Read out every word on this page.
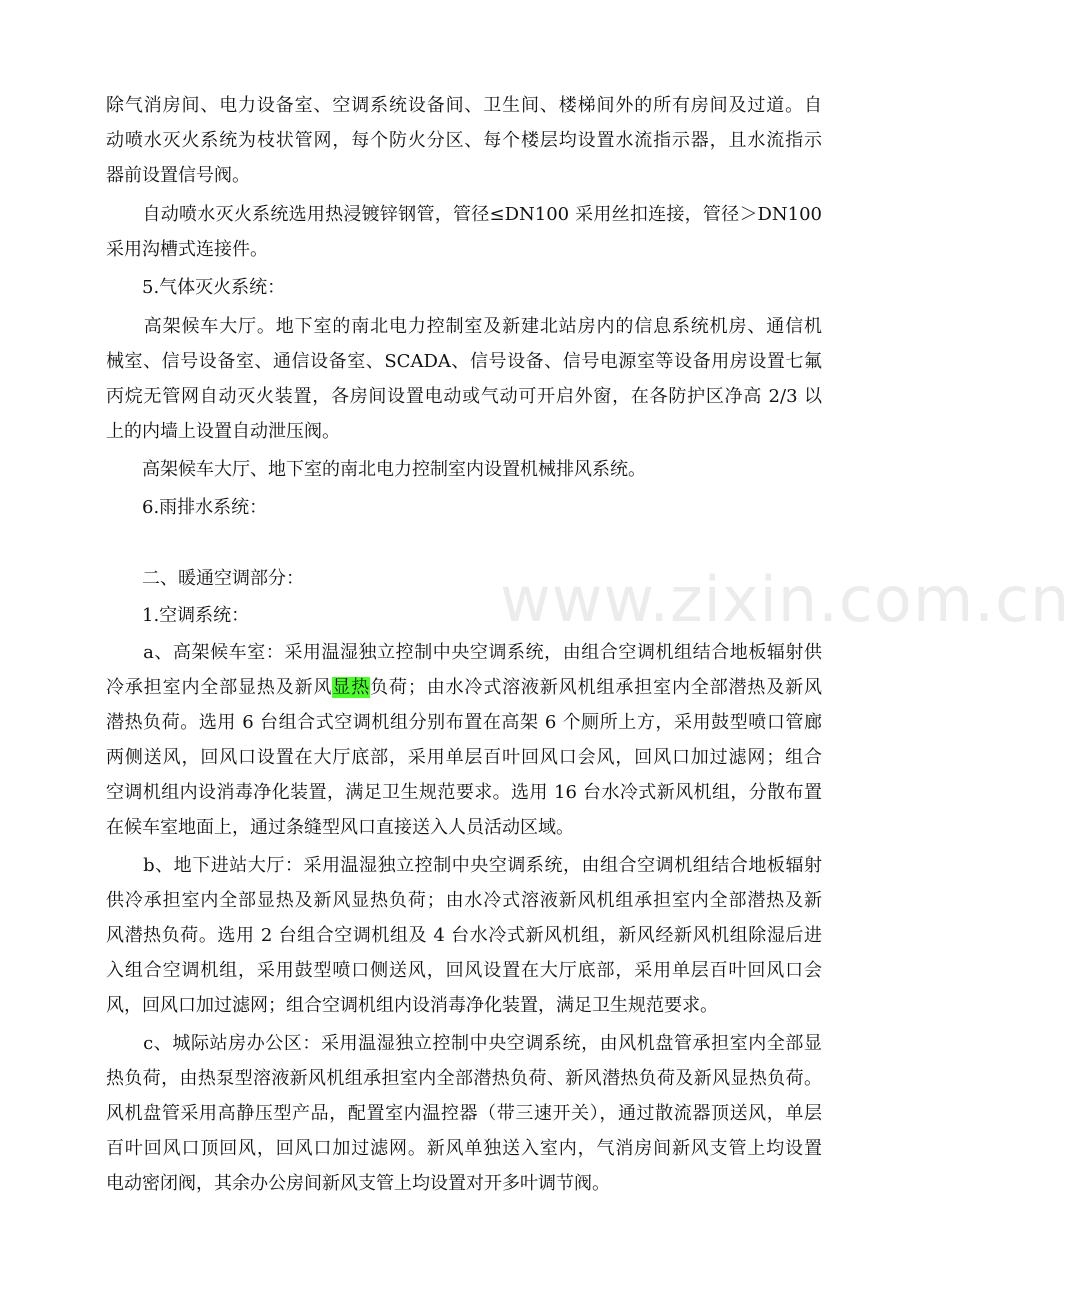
www.zixin.com.cn
除气消房间、电力设备室、空调系统设备间、卫生间、楼梯间外的所有房间及过道。自
动喷水灭火系统为枝状管网，每个防火分区、每个楼层均设置水流指示器，且水流指示
器前设置信号阀。
　　自动喷水灭火系统选用热浸镀锌钢管，管径≤DN100 采用丝扣连接，管径＞DN100
采用沟槽式连接件。
　　5.气体灭火系统：
　　高架候车大厅。地下室的南北电力控制室及新建北站房内的信息系统机房、通信机
械室、信号设备室、通信设备室、SCADA、信号设备、信号电源室等设备用房设置七氟
丙烷无管网自动灭火装置，各房间设置电动或气动可开启外窗，在各防护区净高 2/3 以
上的内墙上设置自动泄压阀。
　　高架候车大厅、地下室的南北电力控制室内设置机械排风系统。
　　6.雨排水系统：
　　二、暖通空调部分：
　　1.空调系统：
　　a、高架候车室：采用温湿独立控制中央空调系统，由组合空调机组结合地板辐射供
冷承担室内全部显热及新风显热负荷；由水冷式溶液新风机组承担室内全部潜热及新风
潜热负荷。选用 6 台组合式空调机组分别布置在高架 6 个厕所上方，采用鼓型喷口管廊
两侧送风，回风口设置在大厅底部，采用单层百叶回风口会风，回风口加过滤网；组合
空调机组内设消毒净化装置，满足卫生规范要求。选用 16 台水冷式新风机组，分散布置
在候车室地面上，通过条缝型风口直接送入人员活动区域。
　　b、地下进站大厅：采用温湿独立控制中央空调系统，由组合空调机组结合地板辐射
供冷承担室内全部显热及新风显热负荷；由水冷式溶液新风机组承担室内全部潜热及新
风潜热负荷。选用 2 台组合空调机组及 4 台水冷式新风机组，新风经新风机组除湿后进
入组合空调机组，采用鼓型喷口侧送风，回风设置在大厅底部，采用单层百叶回风口会
风，回风口加过滤网；组合空调机组内设消毒净化装置，满足卫生规范要求。
　　c、城际站房办公区：采用温湿独立控制中央空调系统，由风机盘管承担室内全部显
热负荷，由热泵型溶液新风机组承担室内全部潜热负荷、新风潜热负荷及新风显热负荷。
风机盘管采用高静压型产品，配置室内温控器（带三速开关），通过散流器顶送风，单层
百叶回风口顶回风，回风口加过滤网。新风单独送入室内，气消房间新风支管上均设置
电动密闭阀，其余办公房间新风支管上均设置对开多叶调节阀。
